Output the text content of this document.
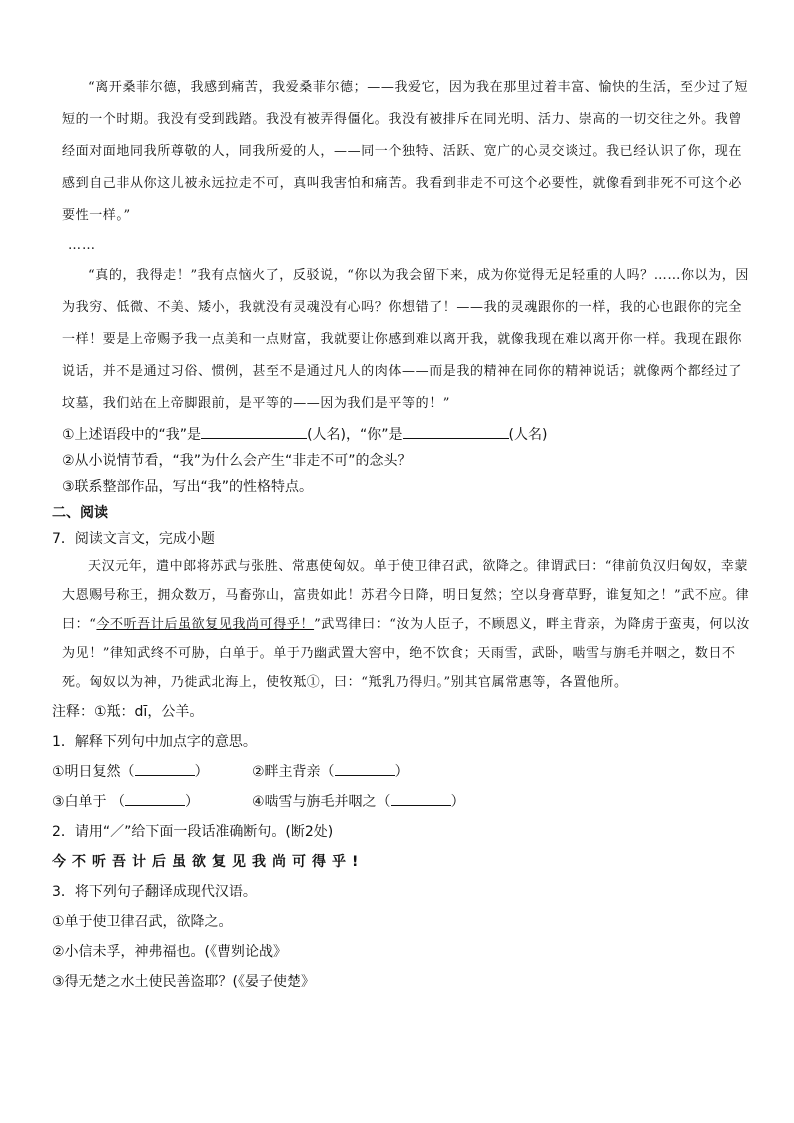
“离开桑菲尔德，我感到痛苦，我爱桑菲尔德；——我爱它，因为我在那里过着丰富、愉快的生活，至少过了短短的一个时期。我没有受到践踏。我没有被弄得僵化。我没有被排斥在同光明、活力、崇高的一切交往之外。我曾经面对面地同我所尊敬的人，同我所爱的人，——同一个独特、活跃、宽广的心灵交谈过。我已经认识了你，现在感到自己非从你这儿被永远拉走不可，真叫我害怕和痛苦。我看到非走不可这个必要性，就像看到非死不可这个必要性一样。”

……

“真的，我得走！”我有点恼火了，反驳说，“你以为我会留下来，成为你觉得无足轻重的人吗？……你以为，因为我穷、低微、不美、矮小，我就没有灵魂没有心吗？你想错了！——我的灵魂跟你的一样，我的心也跟你的完全一样！要是上帝赐予我一点美和一点财富，我就要让你感到难以离开我，就像我现在难以离开你一样。我现在跟你说话，并不是通过习俗、惯例，甚至不是通过凡人的肉体——而是我的精神在同你的精神说话；就像两个都经过了坟墓，我们站在上帝脚跟前，是平等的——因为我们是平等的！”

①上述语段中的“我”是	(人名)，“你”是	(人名)

②从小说情节看，“我”为什么会产生“非走不可”的念头？

③联系整部作品，写出“我”的性格特点。

二、阅读

7．阅读文言文，完成小题

天汉元年，遣中郎将苏武与张胜、常惠使匈奴。单于使卫律召武，欲降之。律谓武曰：“律前负汉归匈奴，幸蒙大恩赐号称王，拥众数万，马畜弥山，富贵如此！苏君今日降，明日复然；空以身膏草野，谁复知之！”武不应。律曰：“今不听吾计后虽欲复见我尚可得乎！”武骂律曰：“汝为人臣子，不顾恩义，畔主背亲，为降虏于蛮夷，何以汝为见！”律知武终不可胁，白单于。单于乃幽武置大窖中，绝不饮食；天雨雪，武卧，啮雪与旃毛并咽之，数日不死。匈奴以为神，乃徙武北海上，使牧羝①，曰：“羝乳乃得归。”别其官属常惠等，各置他所。

注释：①羝：dī，公羊。

1．解释下列句中加点字的意思。

①明日复然（	）	②畔主背亲（	）
③白单于 （	）	④啮雪与旃毛并咽之（	）

2．请用“／”给下面一段话准确断句。(断2处)

今不听吾计后虽欲复见我尚可得乎!

3．将下列句子翻译成现代汉语。

①单于使卫律召武，欲降之。

②小信未孚，神弗福也。(《曹刿论战》

③得无楚之水土使民善盗耶？(《晏子使楚》
